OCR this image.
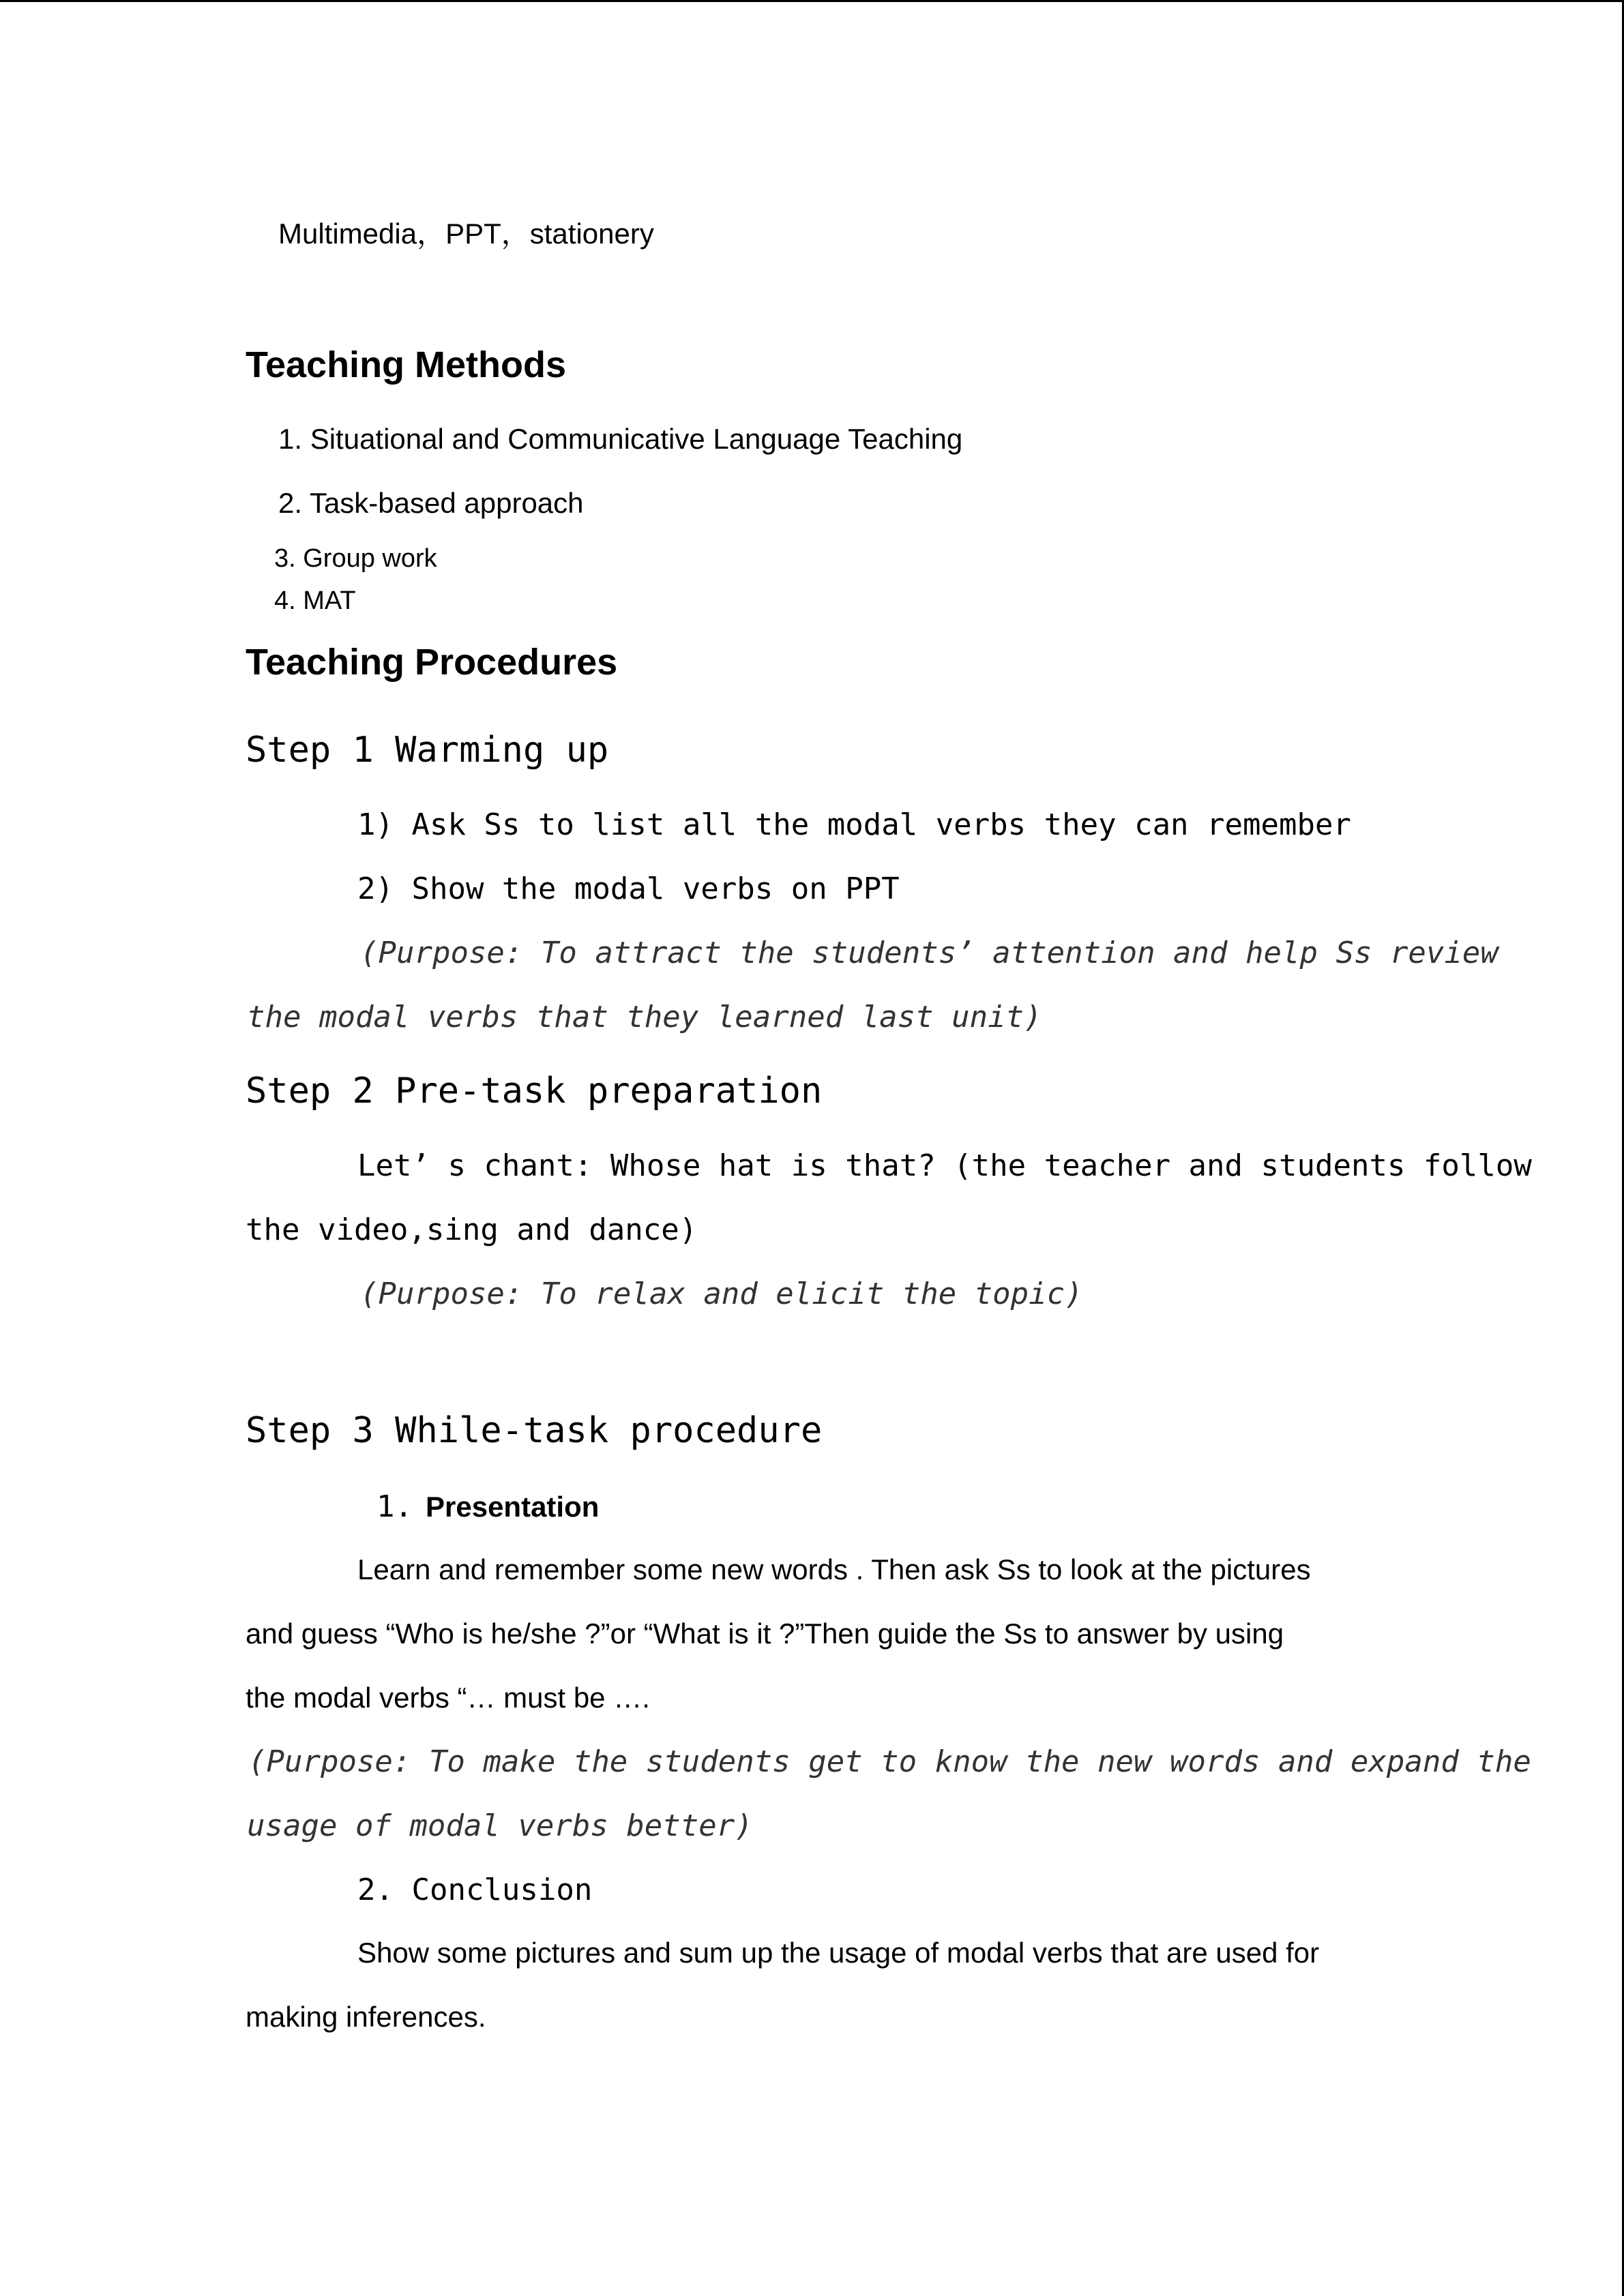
Multimedia，PPT，stationery

Teaching Methods

1. Situational and Communicative Language Teaching

2. Task-based approach

3. Group work

4. MAT

Teaching Procedures

Step 1 Warming up

1) Ask Ss to list all the modal verbs they can remember

2) Show the modal verbs on PPT

(Purpose: To attract the students’ attention and help Ss review

the modal verbs that they learned last unit)

Step 2 Pre-task preparation

Let’ s chant: Whose hat is that? (the teacher and students follow

the video,sing and dance)

(Purpose: To relax and elicit the topic)

Step 3 While-task procedure

1. Presentation

Learn and remember some new words . Then ask Ss to look at the pictures

and guess “Who is he/she ?”or “What is it ?”Then guide the Ss to answer by using

the modal verbs “… must be ….

(Purpose: To make the students get to know the new words and expand the

usage of modal verbs better)

2. Conclusion

Show some pictures and sum up the usage of modal verbs that are used for

making inferences.
